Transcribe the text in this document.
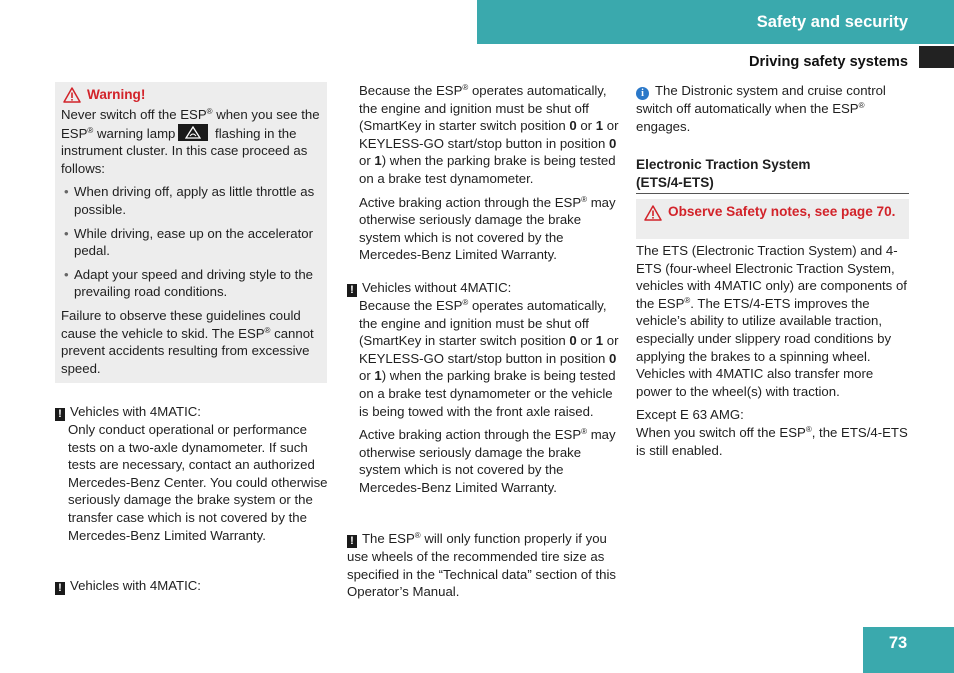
Safety and security
Driving safety systems
Warning!

Never switch off the ESP® when you see the ESP® warning lamp	flashing in the instrument cluster. In this case proceed as follows:

• When driving off, apply as little throttle as possible.
• While driving, ease up on the accelerator pedal.
• Adapt your speed and driving style to the prevailing road conditions.

Failure to observe these guidelines could cause the vehicle to skid. The ESP® cannot prevent accidents resulting from excessive speed.

! Vehicles with 4MATIC:
Only conduct operational or performance tests on a two-axle dynamometer. If such tests are necessary, contact an authorized Mercedes-Benz Center. You could otherwise seriously damage the brake system or the transfer case which is not covered by the Mercedes-Benz Limited Warranty.
! Vehicles with 4MATIC:

Because the ESP® operates automatically, the engine and ignition must be shut off (SmartKey in starter switch position 0 or 1 or KEYLESS-GO start/stop button in position 0 or 1) when the parking brake is being tested on a brake test dynamometer.

Active braking action through the ESP® may otherwise seriously damage the brake system which is not covered by the Mercedes-Benz Limited Warranty.

! Vehicles without 4MATIC:

Because the ESP® operates automatically, the engine and ignition must be shut off (SmartKey in starter switch position 0 or 1 or KEYLESS-GO start/stop button in position 0 or 1) when the parking brake is being tested on a brake test dynamometer or the vehicle is being towed with the front axle raised.

Active braking action through the ESP® may otherwise seriously damage the brake system which is not covered by the Mercedes-Benz Limited Warranty.

! The ESP® will only function properly if you use wheels of the recommended tire size as specified in the “Technical data” section of this Operator’s Manual.

i The Distronic system and cruise control switch off automatically when the ESP® engages.

Electronic Traction System
(ETS/4-ETS)
Observe Safety notes, see page 70.

The ETS (Electronic Traction System) and 4-ETS (four-wheel Electronic Traction System, vehicles with 4MATIC only) are components of the ESP®. The ETS/4-ETS improves the vehicle’s ability to utilize available traction, especially under slippery road conditions by applying the brakes to a spinning wheel. Vehicles with 4MATIC also transfer more power to the wheel(s) with traction.

Except E 63 AMG:

When you switch off the ESP®, the ETS/4-ETS is still enabled.

73
